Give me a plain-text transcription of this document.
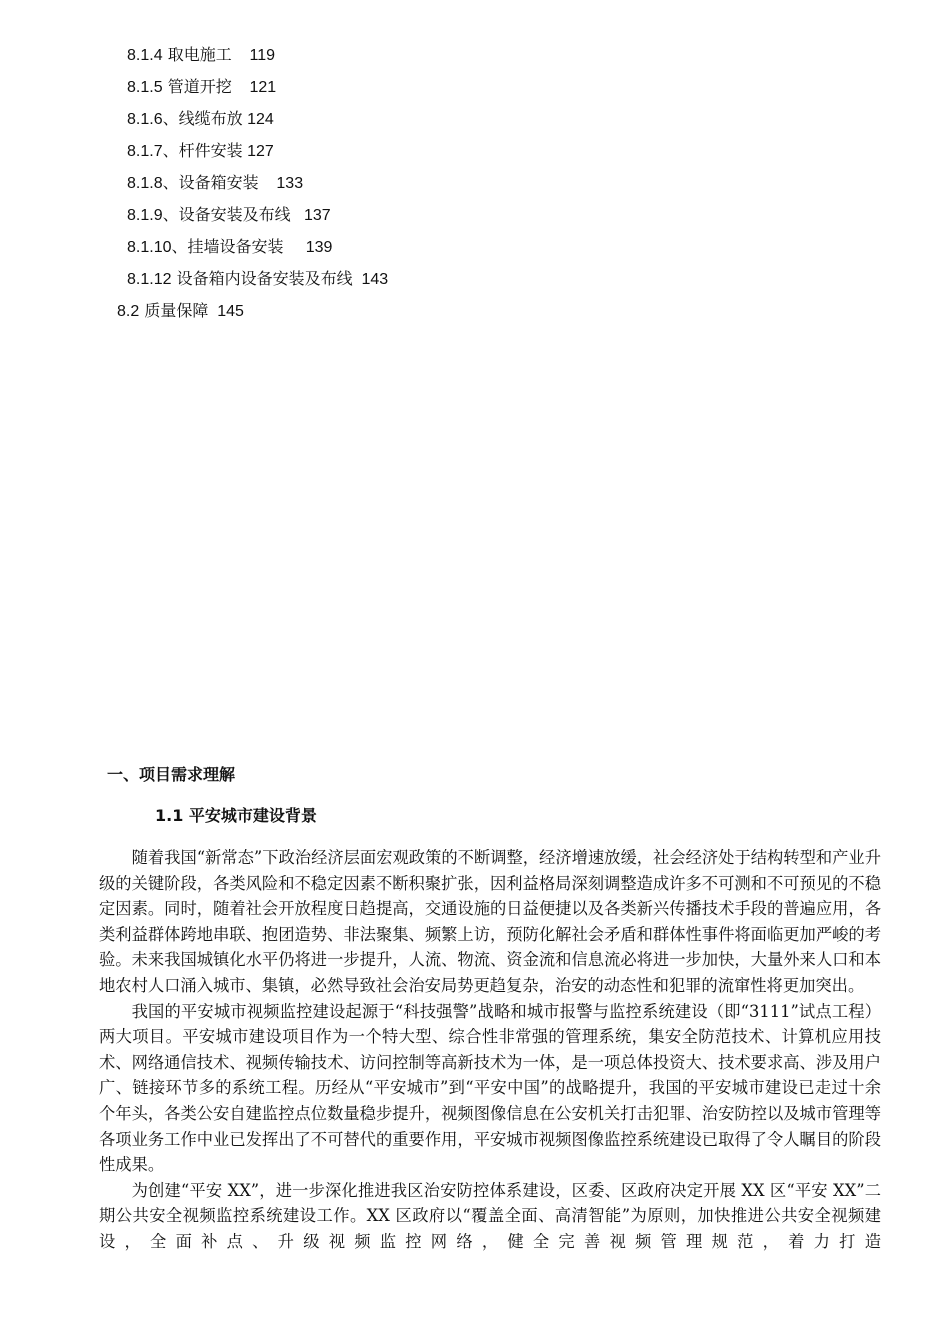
8.1.4 取电施工 119
8.1.5 管道开挖 121
8.1.6、线缆布放 124
8.1.7、杆件安装 127
8.1.8、设备箱安装 133
8.1.9、设备安装及布线 137
8.1.10、挂墙设备安装 139
8.1.12 设备箱内设备安装及布线 143
8.2 质量保障 145
一、项目需求理解
1.1 平安城市建设背景

随着我国“新常态”下政治经济层面宏观政策的不断调整，经济增速放缓，社会经济处于结构转型和产业升级的关键阶段，各类风险和不稳定因素不断积聚扩张，因利益格局深刻调整造成许多不可测和不可预见的不稳定因素。同时，随着社会开放程度日趋提高，交通设施的日益便捷以及各类新兴传播技术手段的普遍应用，各类利益群体跨地串联、抱团造势、非法聚集、频繁上访，预防化解社会矛盾和群体性事件将面临更加严峻的考验。未来我国城镇化水平仍将进一步提升，人流、物流、资金流和信息流必将进一步加快，大量外来人口和本地农村人口涌入城市、集镇，必然导致社会治安局势更趋复杂，治安的动态性和犯罪的流窜性将更加突出。

我国的平安城市视频监控建设起源于“科技强警”战略和城市报警与监控系统建设（即“3111”试点工程）两大项目。平安城市建设项目作为一个特大型、综合性非常强的管理系统，集安全防范技术、计算机应用技术、网络通信技术、视频传输技术、访问控制等高新技术为一体，是一项总体投资大、技术要求高、涉及用户广、链接环节多的系统工程。历经从“平安城市”到“平安中国”的战略提升，我国的平安城市建设已走过十余个年头，各类公安自建监控点位数量稳步提升，视频图像信息在公安机关打击犯罪、治安防控以及城市管理等各项业务工作中业已发挥出了不可替代的重要作用，平安城市视频图像监控系统建设已取得了令人瞩目的阶段性成果。

为创建“平安 XX”，进一步深化推进我区治安防控体系建设，区委、区政府决定开展 XX 区“平安 XX”二期公共安全视频监控系统建设工作。XX 区政府以“覆盖全面、高清智能”为原则，加快推进公共安全视频建设，全面补点、升级视频监控网络，健全完善视频管理规范，着力打造
